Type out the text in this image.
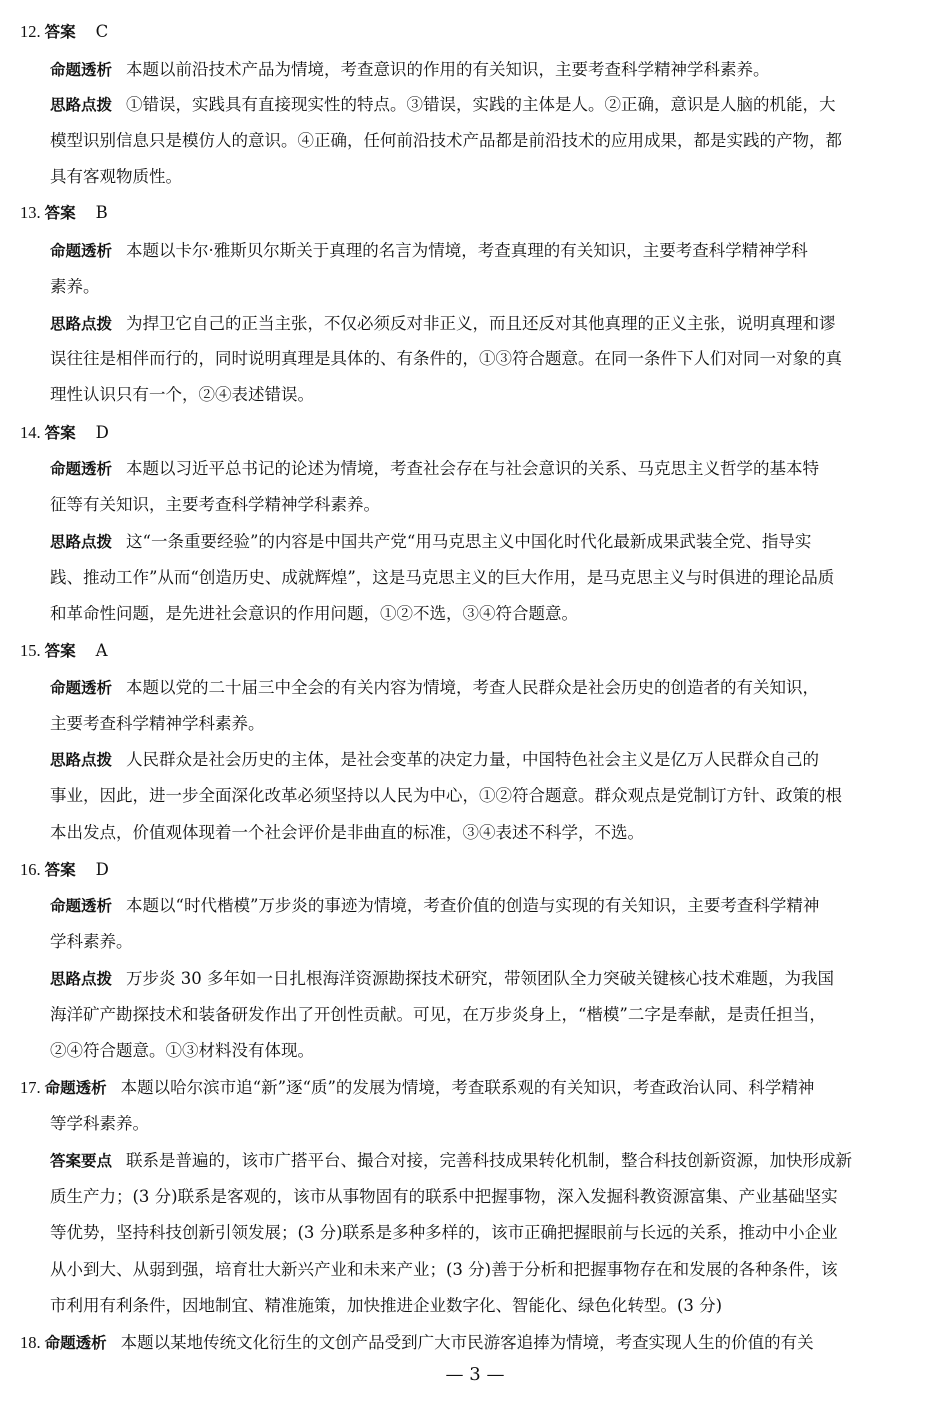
12. 答案 C
命题透析 本题以前沿技术产品为情境，考查意识的作用的有关知识，主要考查科学精神学科素养。
思路点拨 ①错误，实践具有直接现实性的特点。③错误，实践的主体是人。②正确，意识是人脑的机能，大
模型识别信息只是模仿人的意识。④正确，任何前沿技术产品都是前沿技术的应用成果，都是实践的产物，都
具有客观物质性。
13. 答案 B
命题透析 本题以卡尔·雅斯贝尔斯关于真理的名言为情境，考查真理的有关知识，主要考查科学精神学科
素养。
思路点拨 为捍卫它自己的正当主张，不仅必须反对非正义，而且还反对其他真理的正义主张，说明真理和谬
误往往是相伴而行的，同时说明真理是具体的、有条件的，①③符合题意。在同一条件下人们对同一对象的真
理性认识只有一个，②④表述错误。
14. 答案 D
命题透析 本题以习近平总书记的论述为情境，考查社会存在与社会意识的关系、马克思主义哲学的基本特
征等有关知识，主要考查科学精神学科素养。
思路点拨 这“一条重要经验”的内容是中国共产党“用马克思主义中国化时代化最新成果武装全党、指导实
践、推动工作”从而“创造历史、成就辉煌”，这是马克思主义的巨大作用，是马克思主义与时俱进的理论品质
和革命性问题，是先进社会意识的作用问题，①②不选，③④符合题意。
15. 答案 A
命题透析 本题以党的二十届三中全会的有关内容为情境，考查人民群众是社会历史的创造者的有关知识，
主要考查科学精神学科素养。
思路点拨 人民群众是社会历史的主体，是社会变革的决定力量，中国特色社会主义是亿万人民群众自己的
事业，因此，进一步全面深化改革必须坚持以人民为中心，①②符合题意。群众观点是党制订方针、政策的根
本出发点，价值观体现着一个社会评价是非曲直的标准，③④表述不科学，不选。
16. 答案 D
命题透析 本题以“时代楷模”万步炎的事迹为情境，考查价值的创造与实现的有关知识，主要考查科学精神
学科素养。
思路点拨 万步炎 30 多年如一日扎根海洋资源勘探技术研究，带领团队全力突破关键核心技术难题，为我国
海洋矿产勘探技术和装备研发作出了开创性贡献。可见，在万步炎身上，“楷模”二字是奉献，是责任担当，
②④符合题意。①③材料没有体现。
17. 命题透析 本题以哈尔滨市追“新”逐“质”的发展为情境，考查联系观的有关知识，考查政治认同、科学精神
等学科素养。
答案要点 联系是普遍的，该市广搭平台、撮合对接，完善科技成果转化机制，整合科技创新资源，加快形成新
质生产力；(3 分)联系是客观的，该市从事物固有的联系中把握事物，深入发掘科教资源富集、产业基础坚实
等优势，坚持科技创新引领发展；(3 分)联系是多种多样的，该市正确把握眼前与长远的关系，推动中小企业
从小到大、从弱到强，培育壮大新兴产业和未来产业；(3 分)善于分析和把握事物存在和发展的各种条件，该
市利用有利条件，因地制宜、精准施策，加快推进企业数字化、智能化、绿色化转型。(3 分)
18. 命题透析 本题以某地传统文化衍生的文创产品受到广大市民游客追捧为情境，考查实现人生的价值的有关
— 3 —
